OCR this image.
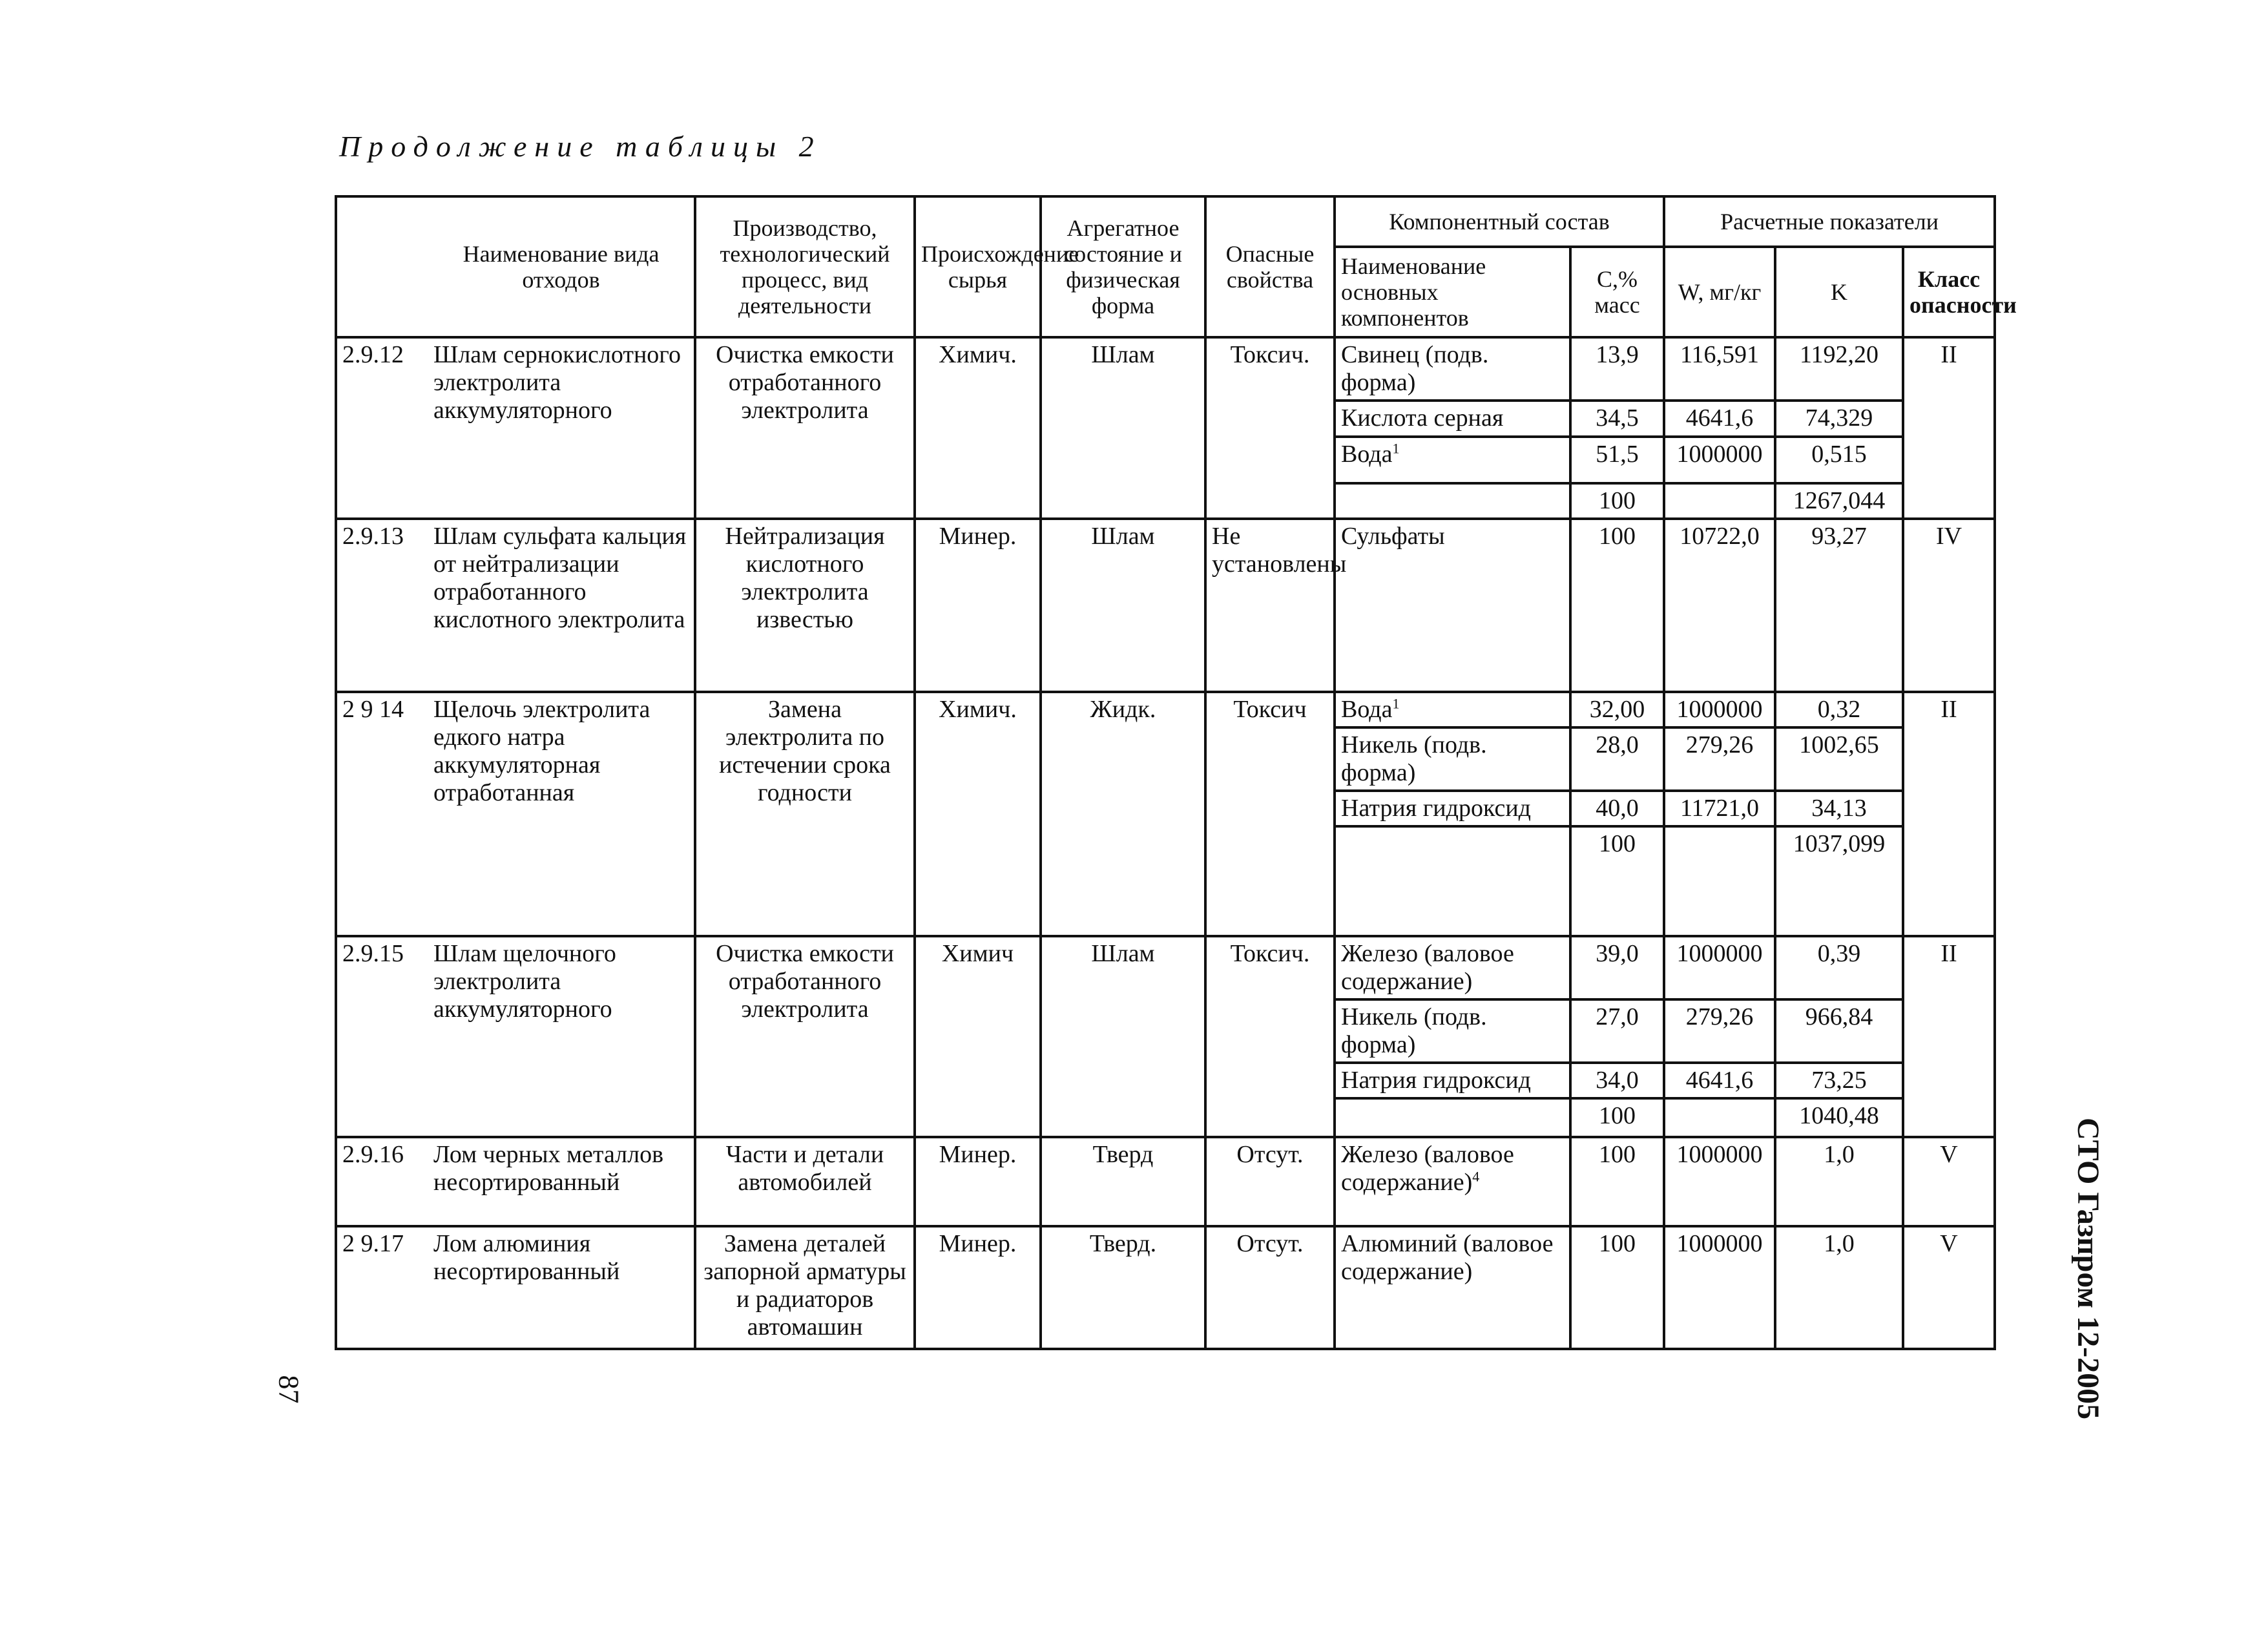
Продолжение таблицы 2
	Наименование вида отходов	Производство, технологический процесс, вид деятельности	Происхождение сырья	Агрегатное состояние и физическая форма	Опасные свойства	Компонентный состав		Расчетные показатели		
						Наименование основных компонентов	C,% масс	W, мг/кг	K	Класс опасности
2.9.12	Шлам сернокислотного электролита аккумуляторного	Очистка емкости отработанного электролита	Химич.	Шлам	Токсич.	Свинец (подв. форма)	13,9	116,591	1192,20	II
						Кислота серная	34,5	4641,6	74,329	
						Вода$^1$	51,5	1000000	0,515	
							100		1267,044	
2.9.13	Шлам сульфата кальция от нейтрализации отработанного кислотного электролита	Нейтрализация кислотного электролита известью	Минер.	Шлам	Не установлены	Сульфаты	100	10722,0	93,27	IV
2 9 14	Щелочь электролита едкого натра аккумуляторная отработанная	Замена электролита по истечении срока годности	Химич.	Жидк.	Токсич	Вода$^1$	32,00	1000000	0,32	II
						Никель (подв. форма)	28,0	279,26	1002,65	
						Натрия гидроксид	40,0	11721,0	34,13	
							100		1037,099	
2.9.15	Шлам щелочного электролита аккумуляторного	Очистка емкости отработанного электролита	Химич	Шлам	Токсич.	Железо (валовое содержание)	39,0	1000000	0,39	II
						Никель (подв. форма)	27,0	279,26	966,84	
						Натрия гидроксид	34,0	4641,6	73,25	
							100		1040,48	
2.9.16	Лом черных металлов несортированный	Части и детали автомобилей	Минер.	Тверд	Отсут.	Железо (валовое содержание)$^4$	100	1000000	1,0	V
2 9.17	Лом алюминия несортированный	Замена деталей запорной арматуры и радиаторов автомашин	Минер.	Тверд.	Отсут.	Алюминий (валовое содержание)	100	1000000	1,0	V
87	СТО Газпром 12-2005
